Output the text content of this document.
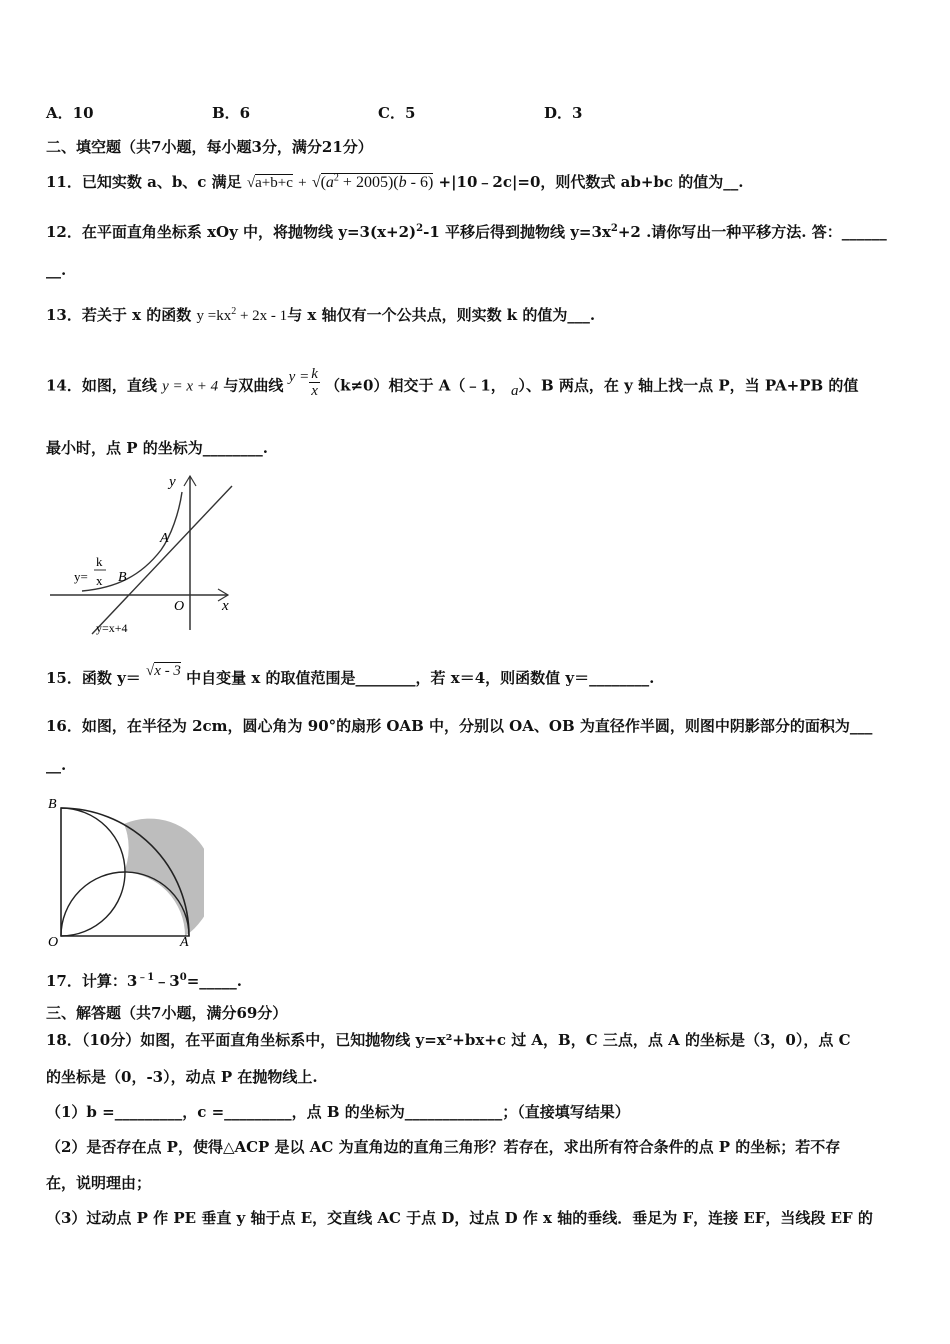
A．10	B．6	C．5	D．3
二、填空题（共7小题，每小题3分，满分21分）
11．已知实数 a、b、c 满足 $√a+b+c + √(a^2 + 2005)(b - 6)$ +|10﹣2c|=0，则代数式 ab+bc 的值为__.
12．在平面直角坐标系 xOy 中，将抛物线 $y=3(x+2)^2-1$ 平移后得到抛物线 $y=3x^2+2$ .请你写出一种平移方法. 答：______
__.
13．若关于 x 的函数 $y =kx^2 + 2x - 1$与 x 轴仅有一个公共点，则实数 k 的值为___.
14．如图，直线 y = x + 4 与双曲线 $y = \frac{k}{x} (k\ne 0)$相交于 A（﹣1， a）、B 两点，在 y 轴上找一点 P，当 PA+PB 的值
最小时，点 P 的坐标为________.
y
x
O
A
B
y=
k
x
y=x+4
15．函数 y＝ √x - 3 中自变量 x 的取值范围是________，若 x＝4，则函数值 y＝________.
16．如图，在半径为 2cm，圆心角为 90°的扇形 OAB 中，分别以 OA、OB 为直径作半圆，则图中阴影部分的面积为___
__.
B
O	A
17．计算：$3^{﹣1}﹣3^0=\_\_\_\_\_$.
三、解答题（共7小题，满分69分）
18．（10分）如图，在平面直角坐标系中，已知抛物线 y=x²+bx+c 过 A，B，C 三点，点 A 的坐标是（3，0），点 C
的坐标是（0，-3），动点 P 在抛物线上.
（1）b =_________，c =_________，点 B 的坐标为_____________；（直接填写结果）
（2）是否存在点 P，使得△ACP 是以 AC 为直角边的直角三角形？若存在，求出所有符合条件的点 P 的坐标；若不存
在，说明理由；
（3）过动点 P 作 PE 垂直 y 轴于点 E，交直线 AC 于点 D，过点 D 作 x 轴的垂线．垂足为 F，连接 EF，当线段 EF 的
